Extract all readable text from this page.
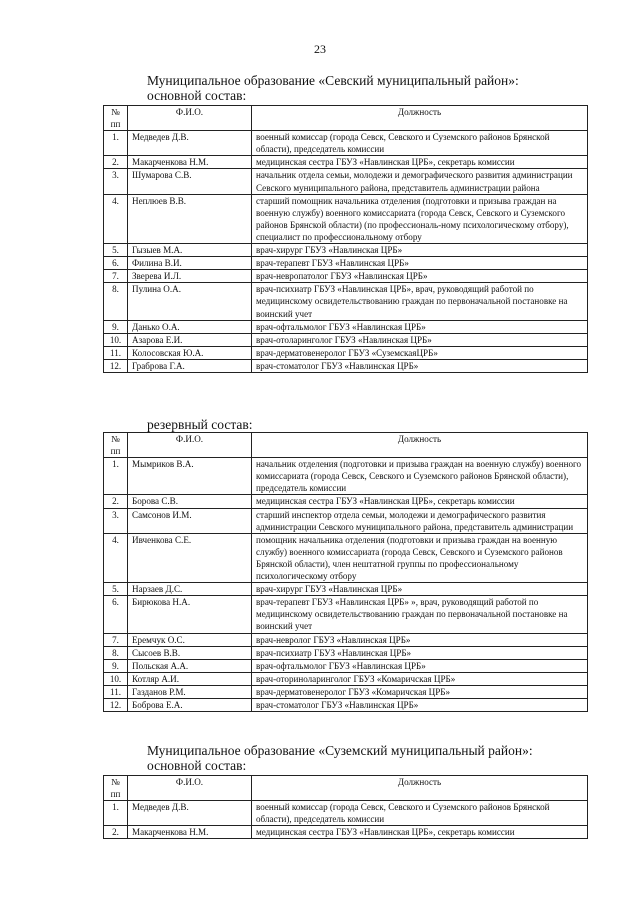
23
Муниципальное образование «Севский муниципальный район»:
основной состав:
№
пп	Ф.И.О.	Должность
1.	Медведев Д.В.	военный комиссар (города Севск, Севского и Суземского районов Брянской области), председатель комиссии
2.	Макарченкова Н.М.	медицинская сестра ГБУЗ «Навлинская ЦРБ», секретарь комиссии
3.	Шумарова С.В.	начальник отдела семьи, молодежи и демографического развития администрации Севского муниципального района, представитель администрации района
4.	Неплюев В.В.	старший помощник начальника отделения (подготовки и призыва граждан на военную службу) военного комиссариата (города Севск, Севского и Суземского районов Брянской области) (по профессиональ-ному психологическому отбору), специалист по профессиональному отбору
5.	Гызыев М.А.	врач-хирург ГБУЗ «Навлинская ЦРБ»
6.	Филина В.И.	врач-терапевт ГБУЗ «Навлинская ЦРБ»
7.	Зверева И.Л.	врач-невропатолог ГБУЗ «Навлинская ЦРБ»
8.	Пулина О.А.	врач-психиатр ГБУЗ «Навлинская ЦРБ», врач, руководящий работой по медицинскому освидетельствованию граждан по первоначальной постановке на воинский учет
9.	Данько О.А.	врач-офтальмолог ГБУЗ «Навлинская ЦРБ»
10.	Азарова Е.И.	врач-отоларинголог ГБУЗ «Навлинская ЦРБ»
11.	Колосовская Ю.А.	врач-дерматовенеролог ГБУЗ «СуземскаяЦРБ»
12.	Граброва Г.А.	врач-стоматолог ГБУЗ «Навлинская ЦРБ»
резервный состав:
№
пп	Ф.И.О.	Должность
1.	Мымриков В.А.	начальник отделения (подготовки и призыва граждан на военную службу) военного комиссариата (города Севск, Севского и Суземского районов Брянской области), председатель комиссии
2.	Борова С.В.	медицинская сестра ГБУЗ «Навлинская ЦРБ», секретарь комиссии
3.	Самсонов И.М.	старший инспектор отдела семьи, молодежи и демографического развития администрации Севского муниципального района, представитель администрации
4.	Ивченкова С.Е.	помощник начальника отделения (подготовки и призыва граждан на военную службу) военного комиссариата (города Севск, Севского и Суземского районов Брянской области), член нештатной группы по профессиональному психологическому отбору
5.	Нарзаев Д.С.	врач-хирург ГБУЗ «Навлинская ЦРБ»
6.	Бирюкова Н.А.	врач-терапевт ГБУЗ «Навлинская ЦРБ» », врач, руководящий работой по медицинскому освидетельствованию граждан по первоначальной постановке на воинский учет
7.	Еремчук О.С.	врач-невролог ГБУЗ «Навлинская ЦРБ»
8.	Сысоев В.В.	врач-психиатр ГБУЗ «Навлинская ЦРБ»
9.	Польская А.А.	врач-офтальмолог ГБУЗ «Навлинская ЦРБ»
10.	Котляр А.И.	врач-оториноларинголог ГБУЗ «Комаричская ЦРБ»
11.	Газданов Р.М.	врач-дерматовенеролог ГБУЗ «Комаричская ЦРБ»
12.	Боброва Е.А.	врач-стоматолог ГБУЗ «Навлинская ЦРБ»
Муниципальное образование «Суземский муниципальный район»:
основной состав:
№
пп	Ф.И.О.	Должность
1.	Медведев Д.В.	военный комиссар (города Севск, Севского и Суземского районов Брянской области), председатель комиссии
2.	Макарченкова Н.М.	медицинская сестра ГБУЗ «Навлинская ЦРБ», секретарь комиссии
